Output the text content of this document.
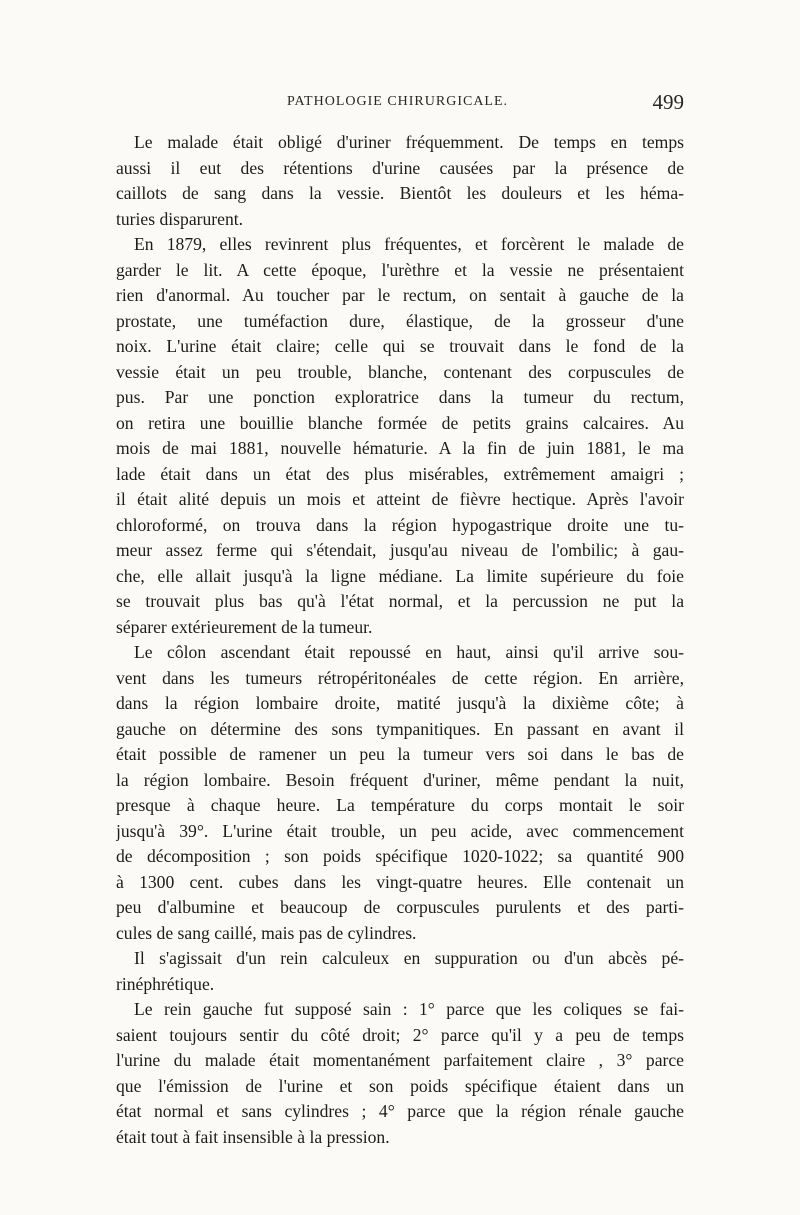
PATHOLOGIE CHIRURGICALE.	499
Le malade était obligé d'uriner fréquemment. De temps en temps
aussi il eut des rétentions d'urine causées par la présence de
caillots de sang dans la vessie. Bientôt les douleurs et les héma-
turies disparurent.
En 1879, elles revinrent plus fréquentes, et forcèrent le malade de
garder le lit. A cette époque, l'urèthre et la vessie ne présentaient
rien d'anormal. Au toucher par le rectum, on sentait à gauche de la
prostate, une tuméfaction dure, élastique, de la grosseur d'une
noix. L'urine était claire; celle qui se trouvait dans le fond de la
vessie était un peu trouble, blanche, contenant des corpuscules de
pus. Par une ponction exploratrice dans la tumeur du rectum,
on retira une bouillie blanche formée de petits grains calcaires. Au
mois de mai 1881, nouvelle hématurie. A la fin de juin 1881, le ma
lade était dans un état des plus misérables, extrêmement amaigri ;
il était alité depuis un mois et atteint de fièvre hectique. Après l'avoir
chloroformé, on trouva dans la région hypogastrique droite une tu-
meur assez ferme qui s'étendait, jusqu'au niveau de l'ombilic; à gau-
che, elle allait jusqu'à la ligne médiane. La limite supérieure du foie
se trouvait plus bas qu'à l'état normal, et la percussion ne put la
séparer extérieurement de la tumeur.
Le côlon ascendant était repoussé en haut, ainsi qu'il arrive sou-
vent dans les tumeurs rétropéritonéales de cette région. En arrière,
dans la région lombaire droite, matité jusqu'à la dixième côte; à
gauche on détermine des sons tympanitiques. En passant en avant il
était possible de ramener un peu la tumeur vers soi dans le bas de
la région lombaire. Besoin fréquent d'uriner, même pendant la nuit,
presque à chaque heure. La température du corps montait le soir
jusqu'à 39°. L'urine était trouble, un peu acide, avec commencement
de décomposition ; son poids spécifique 1020-1022; sa quantité 900
à 1300 cent. cubes dans les vingt-quatre heures. Elle contenait un
peu d'albumine et beaucoup de corpuscules purulents et des parti-
cules de sang caillé, mais pas de cylindres.
Il s'agissait d'un rein calculeux en suppuration ou d'un abcès pé-
rinéphrétique.
Le rein gauche fut supposé sain : 1° parce que les coliques se fai-
saient toujours sentir du côté droit; 2° parce qu'il y a peu de temps
l'urine du malade était momentanément parfaitement claire , 3° parce
que l'émission de l'urine et son poids spécifique étaient dans un
état normal et sans cylindres ; 4° parce que la région rénale gauche
était tout à fait insensible à la pression.
